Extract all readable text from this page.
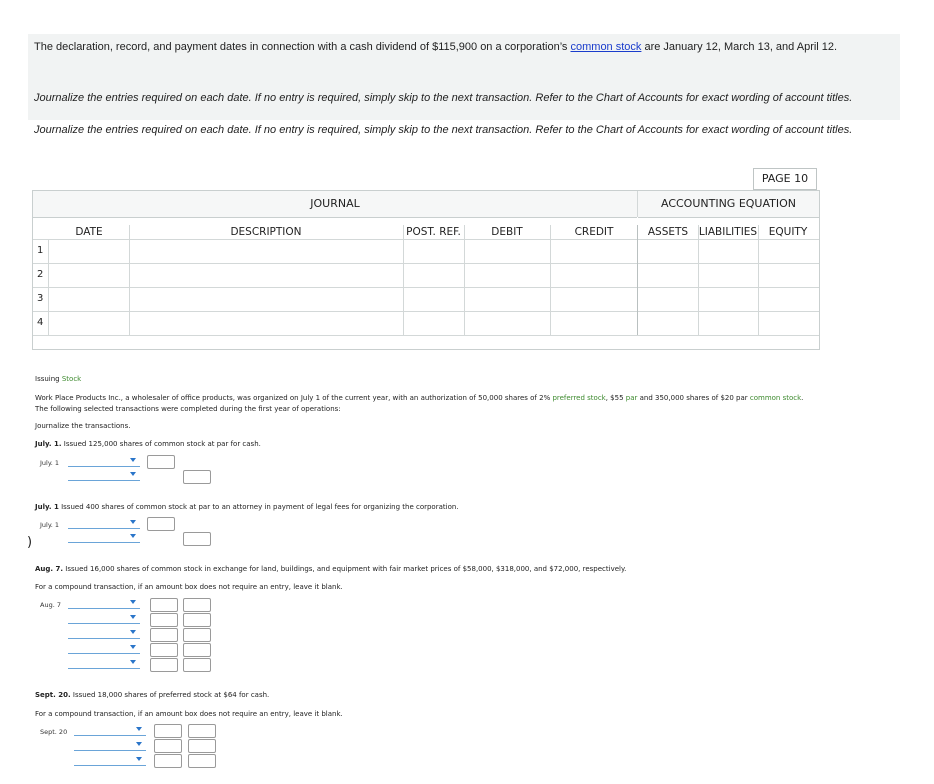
The declaration, record, and payment dates in connection with a cash dividend of $115,900 on a corporation’s common stock are January 12, March 13, and April 12.
Journalize the entries required on each date. If no entry is required, simply skip to the next transaction. Refer to the Chart of Accounts for exact wording of account titles.
Journalize the entries required on each date. If no entry is required, simply skip to the next transaction. Refer to the Chart of Accounts for exact wording of account titles.
PAGE 10
JOURNAL	ACCOUNTING EQUATION
DATE	DESCRIPTION	POST. REF.	DEBIT	CREDIT	ASSETS	LIABILITIES	EQUITY
1
2
3
4
Issuing Stock
Work Place Products Inc., a wholesaler of office products, was organized on July 1 of the current year, with an authorization of 50,000 shares of 2% preferred stock, $55 par and 350,000 shares of $20 par common stock.
The following selected transactions were completed during the first year of operations:
Journalize the transactions.
July. 1. Issued 125,000 shares of common stock at par for cash.
July. 1
July. 1 Issued 400 shares of common stock at par to an attorney in payment of legal fees for organizing the corporation.
July. 1
)
Aug. 7. Issued 16,000 shares of common stock in exchange for land, buildings, and equipment with fair market prices of $58,000, $318,000, and $72,000, respectively.
For a compound transaction, if an amount box does not require an entry, leave it blank.
Aug. 7
Sept. 20. Issued 18,000 shares of preferred stock at $64 for cash.
For a compound transaction, if an amount box does not require an entry, leave it blank.
Sept. 20
